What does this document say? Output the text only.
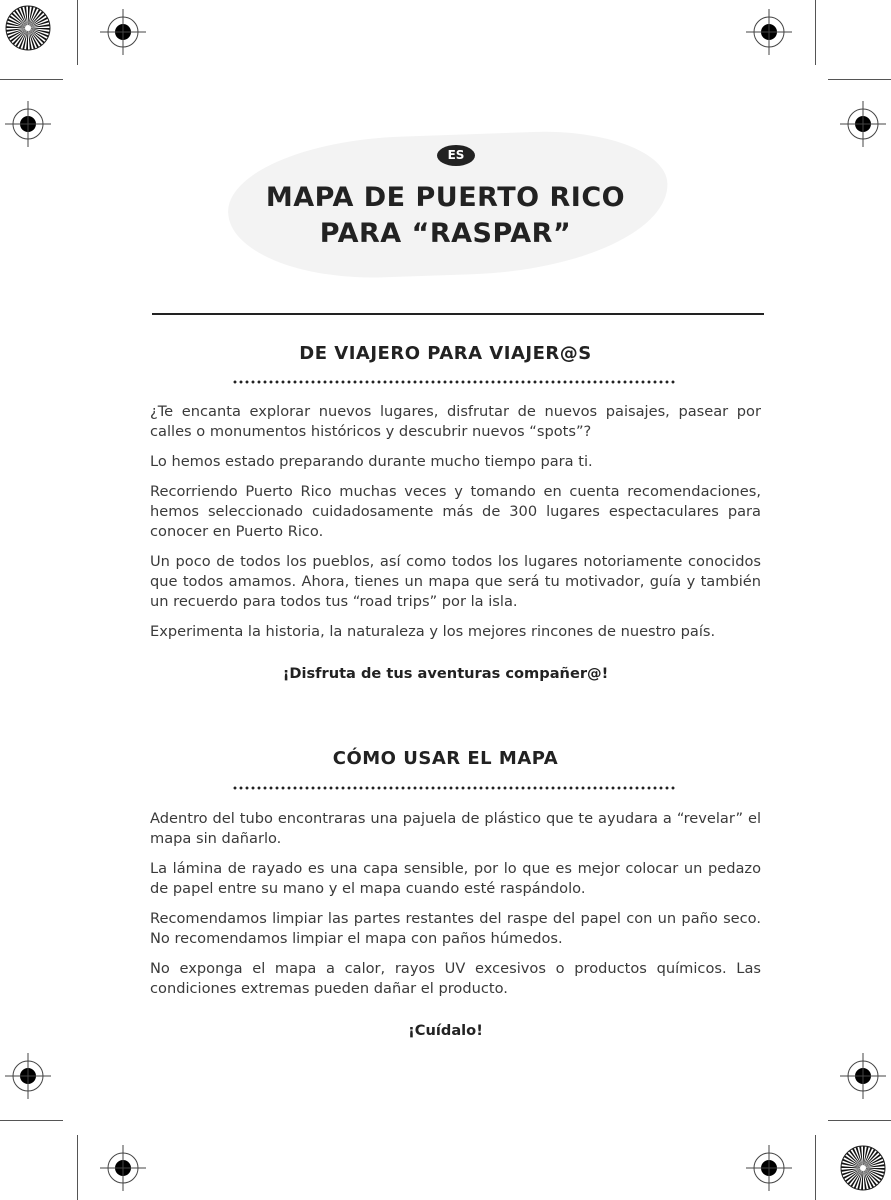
ES
MAPA DE PUERTO RICO
PARA “RASPAR”
DE VIAJERO PARA VIAJER@S

¿Te encanta explorar nuevos lugares, disfrutar de nuevos paisajes, pasear por calles o monumentos históricos y descubrir nuevos “spots”?

Lo hemos estado preparando durante mucho tiempo para ti.

Recorriendo Puerto Rico muchas veces y tomando en cuenta recomendaciones, hemos seleccionado cuidadosamente más de 300 lugares espectaculares para conocer en Puerto Rico.

Un poco de todos los pueblos, así como todos los lugares notoriamente conocidos que todos amamos. Ahora, tienes un mapa que será tu motivador, guía y también un recuerdo para todos tus “road trips” por la isla.

Experimenta la historia, la naturaleza y los mejores rincones de nuestro país.

¡Disfruta de tus aventuras compañer@!
CÓMO USAR EL MAPA

Adentro del tubo encontraras una pajuela de plástico que te ayudara a “revelar” el mapa sin dañarlo.

La lámina de rayado es una capa sensible, por lo que es mejor colocar un pedazo de papel entre su mano y el mapa cuando esté raspándolo.

Recomendamos limpiar las partes restantes del raspe del papel con un paño seco. No recomendamos limpiar el mapa con paños húmedos.

No exponga el mapa a calor, rayos UV excesivos o productos químicos. Las condiciones extremas pueden dañar el producto.

¡Cuídalo!
